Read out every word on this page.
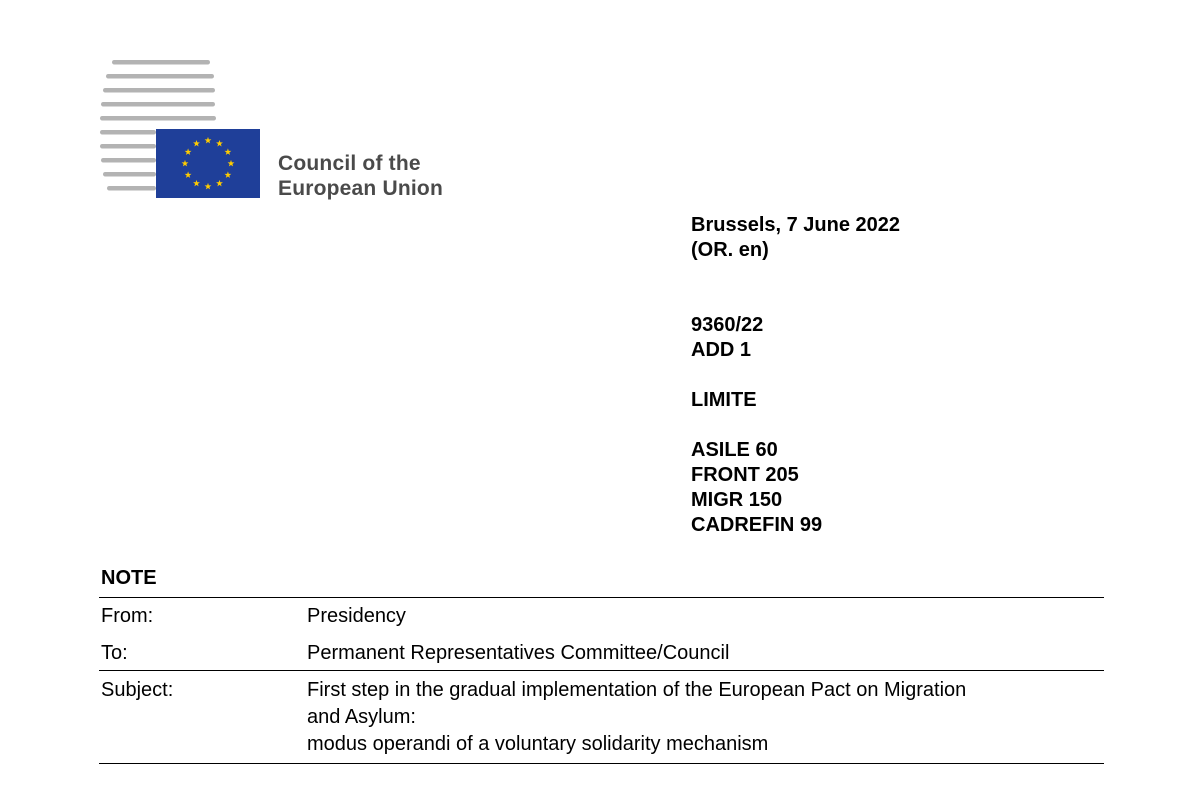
Council of the
European Union
Brussels, 7 June 2022
(OR. en)
9360/22
ADD 1
LIMITE
ASILE 60
FRONT 205
MIGR 150
CADREFIN 99
NOTE
From:	Presidency
To:	Permanent Representatives Committee/Council
Subject:	First step in the gradual implementation of the European Pact on Migration
and Asylum:
modus operandi of a voluntary solidarity mechanism
